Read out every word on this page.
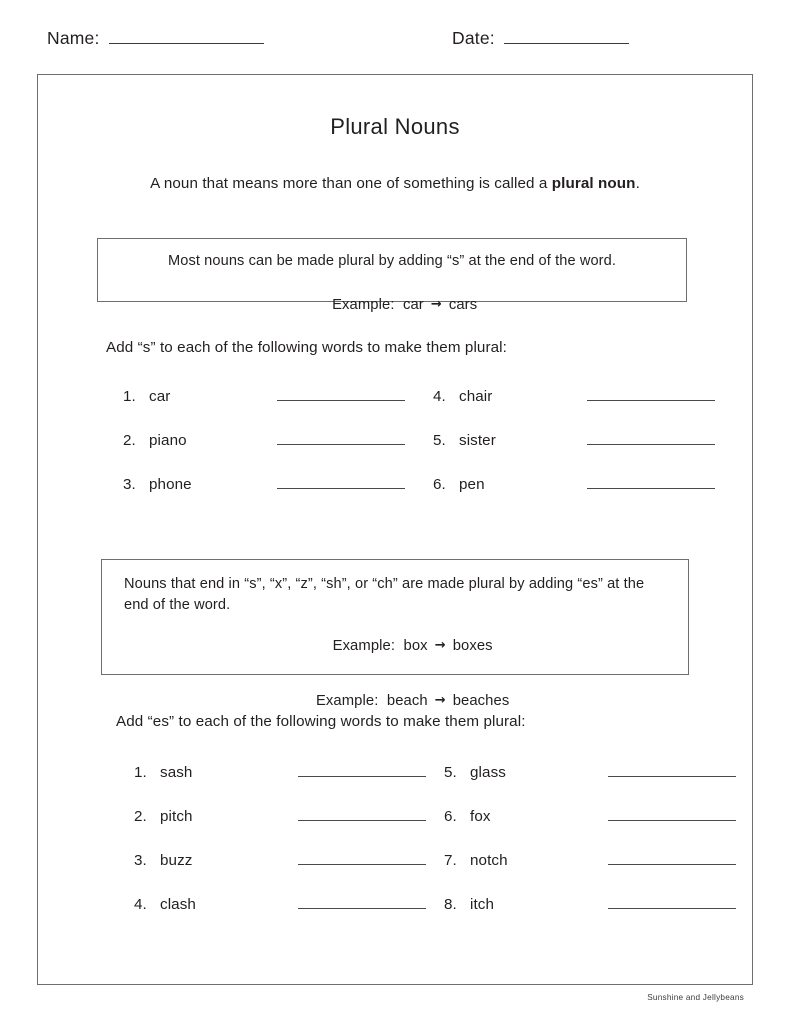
Name:	Date:
Plural Nouns
A noun that means more than one of something is called a plural noun.
Most nouns can be made plural by adding “s” at the end of the word.

Example: car → cars

Add “s” to each of the following words to make them plural:
1. car	4. chair
2. piano	5. sister
3. phone	6. pen
Nouns that end in “s”, “x”, “z”, “sh”, or “ch” are made plural by adding “es” at the end of the word.

Example: box → boxes

Example: beach → beaches

Add “es” to each of the following words to make them plural:
1. sash	5. glass
2. pitch	6. fox
3. buzz	7. notch
4. clash	8. itch
Sunshine and Jellybeans
